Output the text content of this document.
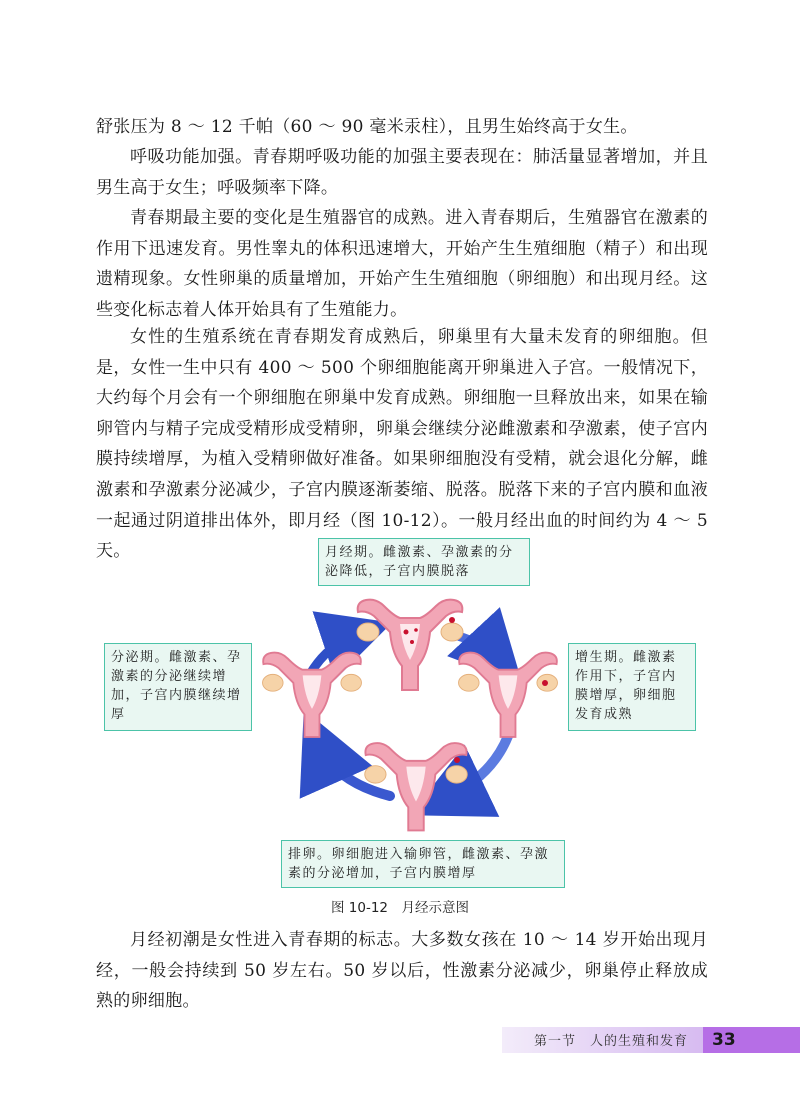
舒张压为 8 ～ 12 千帕（60 ～ 90 毫米汞柱），且男生始终高于女生。

呼吸功能加强。青春期呼吸功能的加强主要表现在：肺活量显著增加，并且男生高于女生；呼吸频率下降。

青春期最主要的变化是生殖器官的成熟。进入青春期后，生殖器官在激素的作用下迅速发育。男性睾丸的体积迅速增大，开始产生生殖细胞（精子）和出现遗精现象。女性卵巢的质量增加，开始产生生殖细胞（卵细胞）和出现月经。这些变化标志着人体开始具有了生殖能力。

女性的生殖系统在青春期发育成熟后，卵巢里有大量未发育的卵细胞。但是，女性一生中只有 400 ～ 500 个卵细胞能离开卵巢进入子宫。一般情况下，大约每个月会有一个卵细胞在卵巢中发育成熟。卵细胞一旦释放出来，如果在输卵管内与精子完成受精形成受精卵，卵巢会继续分泌雌激素和孕激素，使子宫内膜持续增厚，为植入受精卵做好准备。如果卵细胞没有受精，就会退化分解，雌激素和孕激素分泌减少，子宫内膜逐渐萎缩、脱落。脱落下来的子宫内膜和血液一起通过阴道排出体外，即月经（图 10-12）。一般月经出血的时间约为 4 ～ 5 天。	月经期。雌激素、孕激素的分泌降低，子宫内膜脱落
分泌期。雌激素、孕激素的分泌继续增加，子宫内膜继续增厚
增生期。雌激素作用下，子宫内膜增厚，卵细胞发育成熟
排卵。卵细胞进入输卵管，雌激素、孕激素的分泌增加，子宫内膜增厚
图 10-12　月经示意图

月经初潮是女性进入青春期的标志。大多数女孩在 10 ～ 14 岁开始出现月经，一般会持续到 50 岁左右。50 岁以后，性激素分泌减少，卵巢停止释放成熟的卵细胞。

第一节　人的生殖和发育 33
